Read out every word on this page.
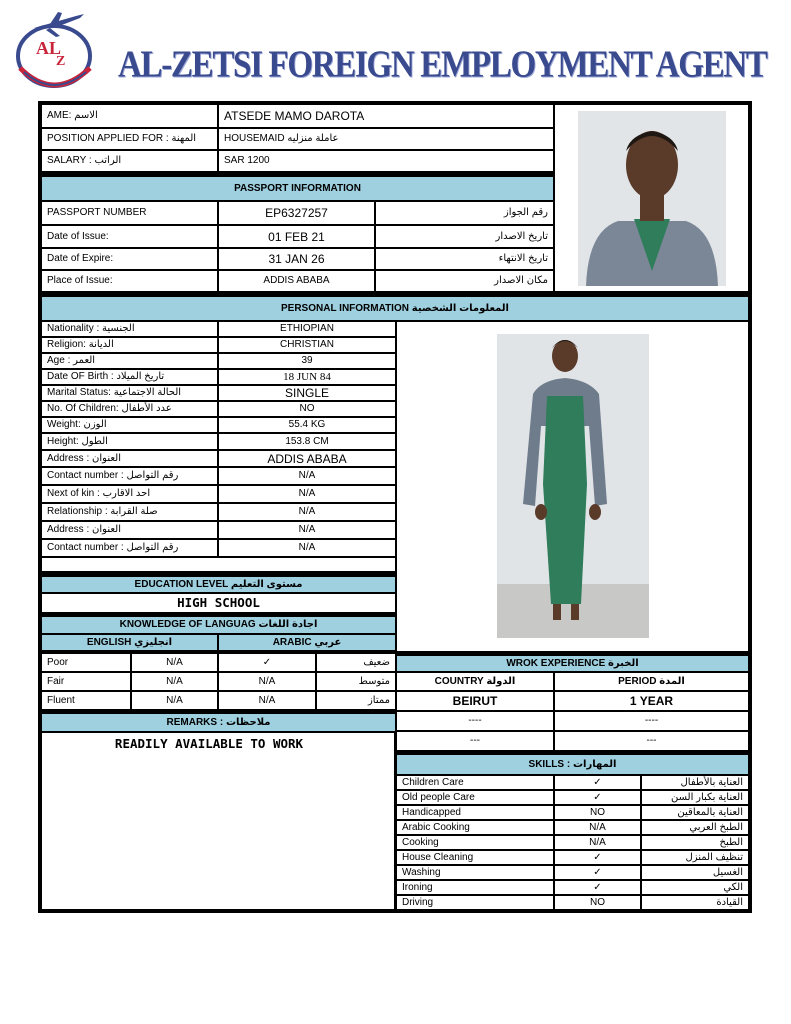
AL
Z AL-ZETSI FOREIGN EMPLOYMENT AGENT
AME: الاسم	ATSEDE MAMO DAROTA
POSITION APPLIED FOR : المهنة	HOUSEMAID عاملة منزليه
SALARY : الراتب	SAR 1200
PASSPORT INFORMATION
PASSPORT NUMBER	EP6327257	رقم الجواز
Date of Issue:	01 FEB 21	تاريخ الاصدار
Date of Expire:	31 JAN 26	تاريخ الانتهاء
Place of Issue:	ADDIS ABABA	مكان الاصدار
PERSONAL INFORMATION المعلومات الشخصية
Nationality : الجنسية	ETHIOPIAN
Religion: الديانة	CHRISTIAN
Age : العمر	39
Date OF Birth : تاريخ الميلاد	18 JUN 84
Marital Status: الحالة الاجتماعية	SINGLE
No. Of Children: عدد الأطفال	NO
Weight: الوزن	55.4 KG
Height: الطول	153.8 CM
Address : العنوان	ADDIS ABABA
Contact number : رقم التواصل	N/A
Next of kin : احد الاقارب	N/A
Relationship : صلة القرابة	N/A
Address : العنوان	N/A
Contact number : رقم التواصل	N/A
EDUCATION LEVEL مستوى التعليم
HIGH SCHOOL
KNOWLEDGE OF LANGUAG اجادة اللغات
ENGLISH انجليزي	ARABIC عربي
Poor	N/A	✓	ضعيف
Fair	N/A	N/A	متوسط
Fluent	N/A	N/A	ممتاز
REMARKS : ملاحظات
READILY AVAILABLE TO WORK
WROK EXPERIENCE الخبرة
COUNTRY الدولة	PERIOD المدة
BEIRUT	1 YEAR
----	----
---	---
SKILLS : المهارات
Children Care	✓	العناية بالأطفال
Old people Care	✓	العناية بكبار السن
Handicapped	NO	العناية بالمعاقين
Arabic Cooking	N/A	الطبخ العربي
Cooking	N/A	الطبخ
House Cleaning	✓	تنظيف المنزل
Washing	✓	الغسيل
Ironing	✓	الكي
Driving	NO	القيادة
